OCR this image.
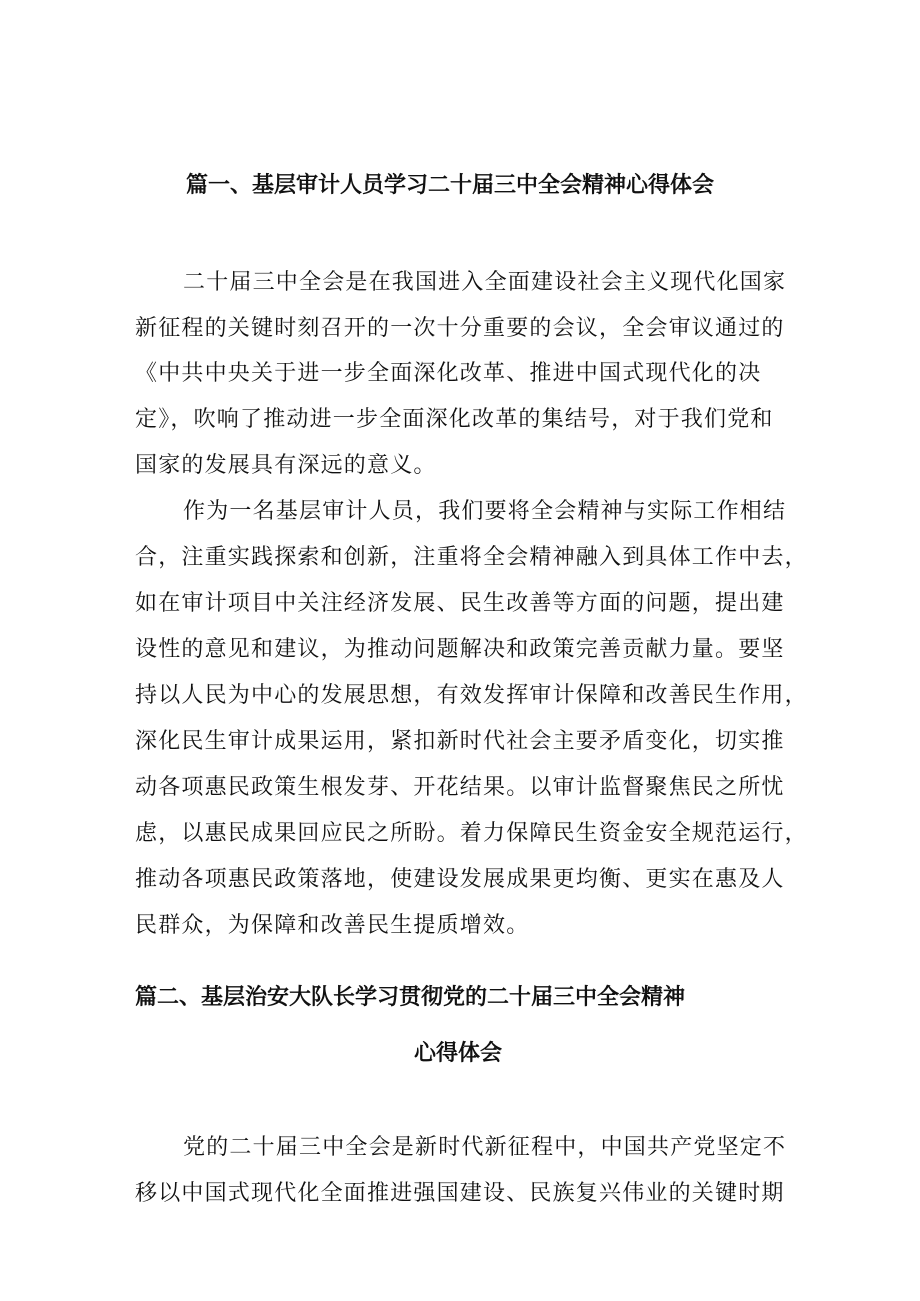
篇一、基层审计人员学习二十届三中全会精神心得体会
二十届三中全会是在我国进入全面建设社会主义现代化国家
新征程的关键时刻召开的一次十分重要的会议，全会审议通过的
《中共中央关于进一步全面深化改革、推进中国式现代化的决
定》，吹响了推动进一步全面深化改革的集结号，对于我们党和
国家的发展具有深远的意义。
作为一名基层审计人员，我们要将全会精神与实际工作相结
合，注重实践探索和创新，注重将全会精神融入到具体工作中去，
如在审计项目中关注经济发展、民生改善等方面的问题，提出建
设性的意见和建议，为推动问题解决和政策完善贡献力量。要坚
持以人民为中心的发展思想，有效发挥审计保障和改善民生作用，
深化民生审计成果运用，紧扣新时代社会主要矛盾变化，切实推
动各项惠民政策生根发芽、开花结果。以审计监督聚焦民之所忧
虑，以惠民成果回应民之所盼。着力保障民生资金安全规范运行，
推动各项惠民政策落地，使建设发展成果更均衡、更实在惠及人
民群众，为保障和改善民生提质增效。
篇二、基层治安大队长学习贯彻党的二十届三中全会精神
心得体会
党的二十届三中全会是新时代新征程中，中国共产党坚定不
移以中国式现代化全面推进强国建设、民族复兴伟业的关键时期
